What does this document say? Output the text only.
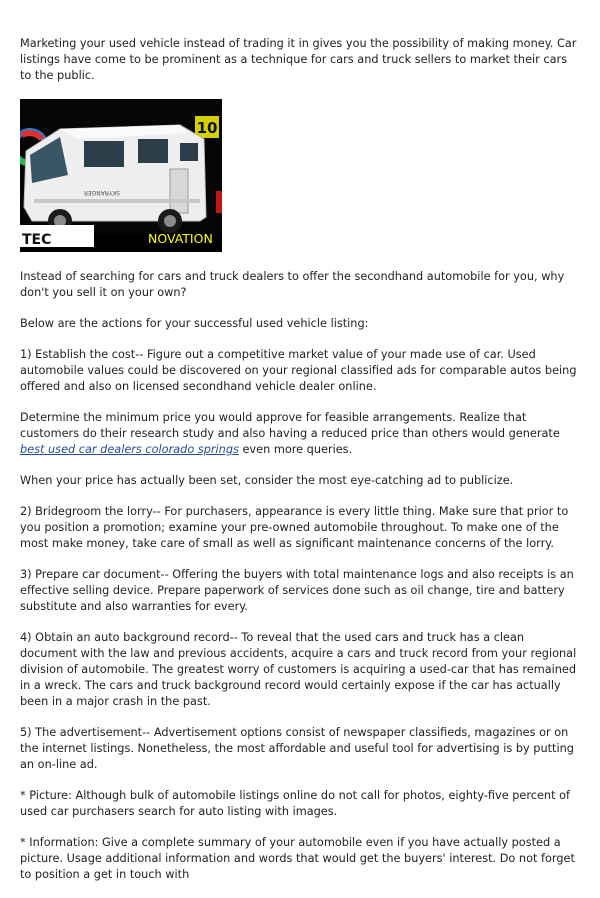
Marketing your used vehicle instead of trading it in gives you the possibility of making money. Car listings have come to be prominent as a technique for cars and truck sellers to market their cars to the public.

10
SKYRANGER
TEC	NOVATION

Instead of searching for cars and truck dealers to offer the secondhand automobile for you, why don't you sell it on your own?

Below are the actions for your successful used vehicle listing:

1) Establish the cost-- Figure out a competitive market value of your made use of car. Used automobile values could be discovered on your regional classified ads for comparable autos being offered and also on licensed secondhand vehicle dealer online.

Determine the minimum price you would approve for feasible arrangements. Realize that customers do their research study and also having a reduced price than others would generate best used car dealers colorado springs even more queries.

When your price has actually been set, consider the most eye-catching ad to publicize.

2) Bridegroom the lorry-- For purchasers, appearance is every little thing. Make sure that prior to you position a promotion; examine your pre-owned automobile throughout. To make one of the most make money, take care of small as well as significant maintenance concerns of the lorry.

3) Prepare car document-- Offering the buyers with total maintenance logs and also receipts is an effective selling device. Prepare paperwork of services done such as oil change, tire and battery substitute and also warranties for every.

4) Obtain an auto background record-- To reveal that the used cars and truck has a clean document with the law and previous accidents, acquire a cars and truck record from your regional division of automobile. The greatest worry of customers is acquiring a used-car that has remained in a wreck. The cars and truck background record would certainly expose if the car has actually been in a major crash in the past.

5) The advertisement-- Advertisement options consist of newspaper classifieds, magazines or on the internet listings. Nonetheless, the most affordable and useful tool for advertising is by putting an on-line ad.

* Picture: Although bulk of automobile listings online do not call for photos, eighty-five percent of used car purchasers search for auto listing with images.

* Information: Give a complete summary of your automobile even if you have actually posted a picture. Usage additional information and words that would get the buyers' interest. Do not forget to position a get in touch with
